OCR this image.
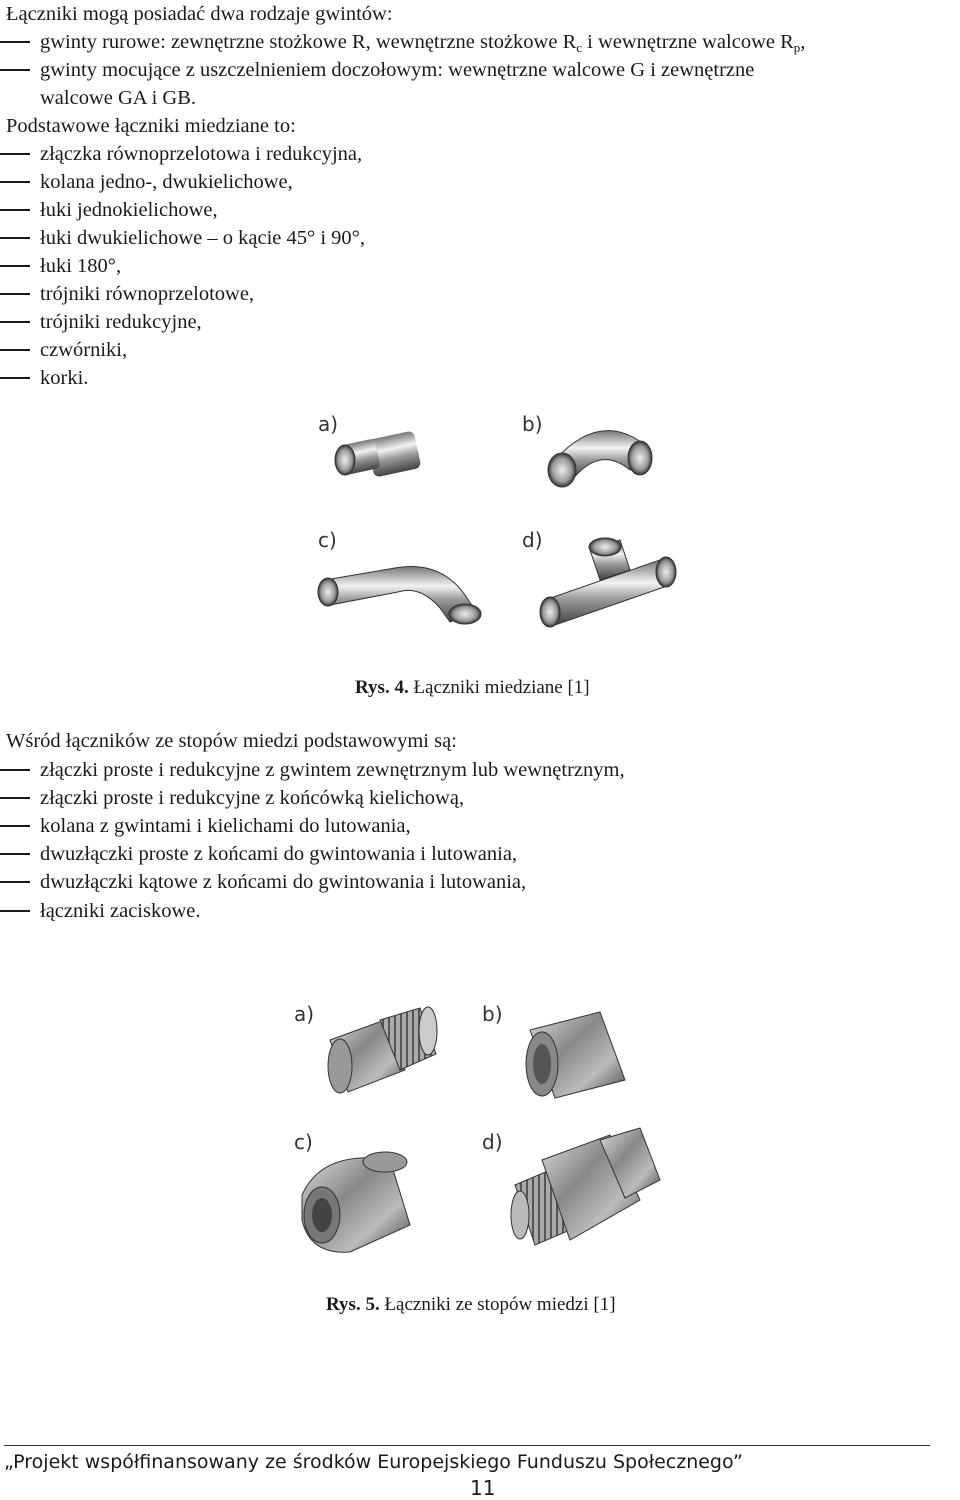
Łączniki mogą posiadać dwa rodzaje gwintów:
gwinty rurowe: zewnętrzne stożkowe R, wewnętrzne stożkowe $R_c$ i wewnętrzne walcowe $R_p$,
gwinty mocujące z uszczelnieniem doczołowym: wewnętrzne walcowe G i zewnętrzne
walcowe GA i GB.
Podstawowe łączniki miedziane to:
złączka równoprzelotowa i redukcyjna,
kolana jedno-, dwukielichowe,
łuki jednokielichowe,
łuki dwukielichowe – o kącie 45° i 90°,
łuki 180°,
trójniki równoprzelotowe,
trójniki redukcyjne,
czwórniki,
korki.
a)	b)
c)	d)
Rys. 4. Łączniki miedziane [1]
Wśród łączników ze stopów miedzi podstawowymi są:
złączki proste i redukcyjne z gwintem zewnętrznym lub wewnętrznym,
złączki proste i redukcyjne z końcówką kielichową,
kolana z gwintami i kielichami do lutowania,
dwuzłączki proste z końcami do gwintowania i lutowania,
dwuzłączki kątowe z końcami do gwintowania i lutowania,
łączniki zaciskowe.
a)	b)
c)	d)
Rys. 5. Łączniki ze stopów miedzi [1]
„Projekt współfinansowany ze środków Europejskiego Funduszu Społecznego”
11
